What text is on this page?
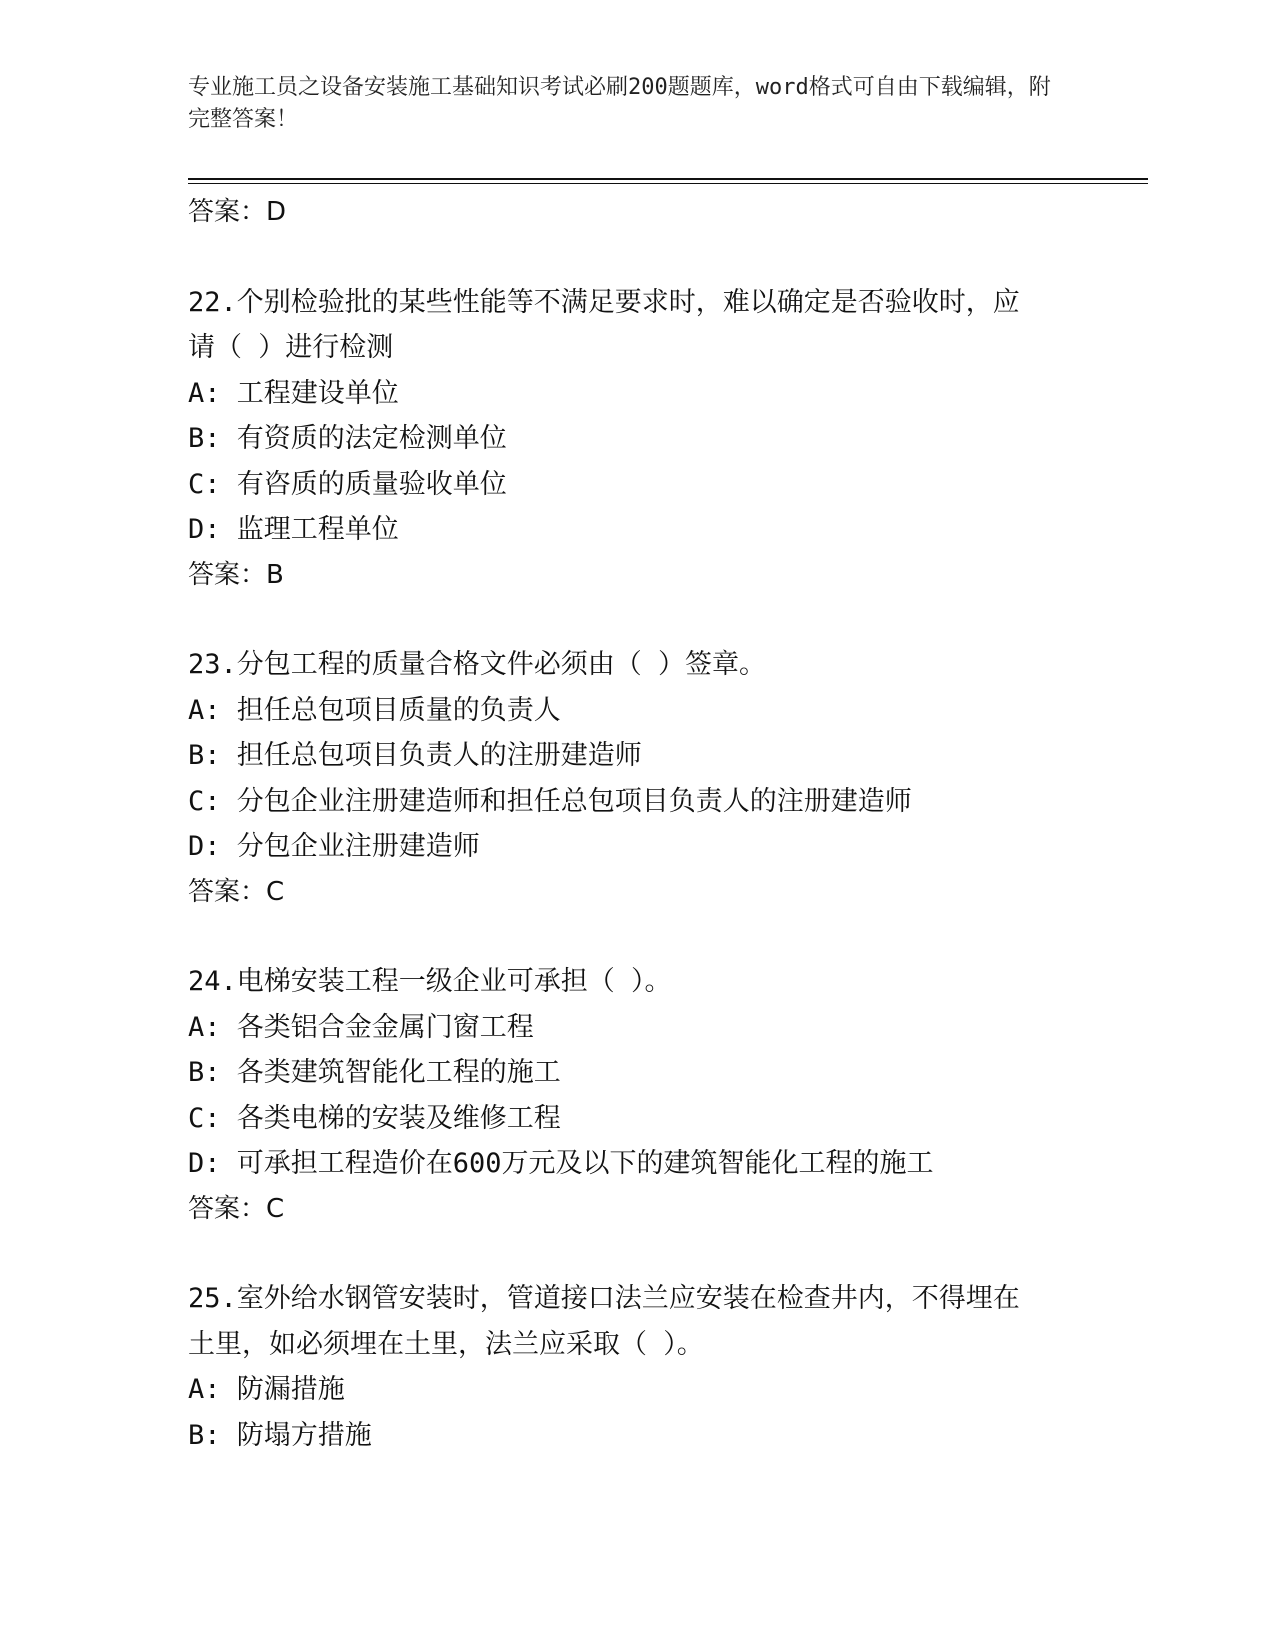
专业施工员之设备安装施工基础知识考试必刷200题题库，word格式可自由下载编辑，附完整答案！
答案：D
22.个别检验批的某些性能等不满足要求时，难以确定是否验收时，应
请（ ）进行检测
A: 工程建设单位
B: 有资质的法定检测单位
C: 有咨质的质量验收单位
D: 监理工程单位
答案：B
23.分包工程的质量合格文件必须由（ ）签章。
A: 担任总包项目质量的负责人
B: 担任总包项目负责人的注册建造师
C: 分包企业注册建造师和担任总包项目负责人的注册建造师
D: 分包企业注册建造师
答案：C
24.电梯安装工程一级企业可承担（ ）。
A: 各类铝合金金属门窗工程
B: 各类建筑智能化工程的施工
C: 各类电梯的安装及维修工程
D: 可承担工程造价在600万元及以下的建筑智能化工程的施工
答案：C
25.室外给水钢管安装时，管道接口法兰应安装在检查井内，不得埋在
土里，如必须埋在土里，法兰应采取（ ）。
A: 防漏措施
B: 防塌方措施
